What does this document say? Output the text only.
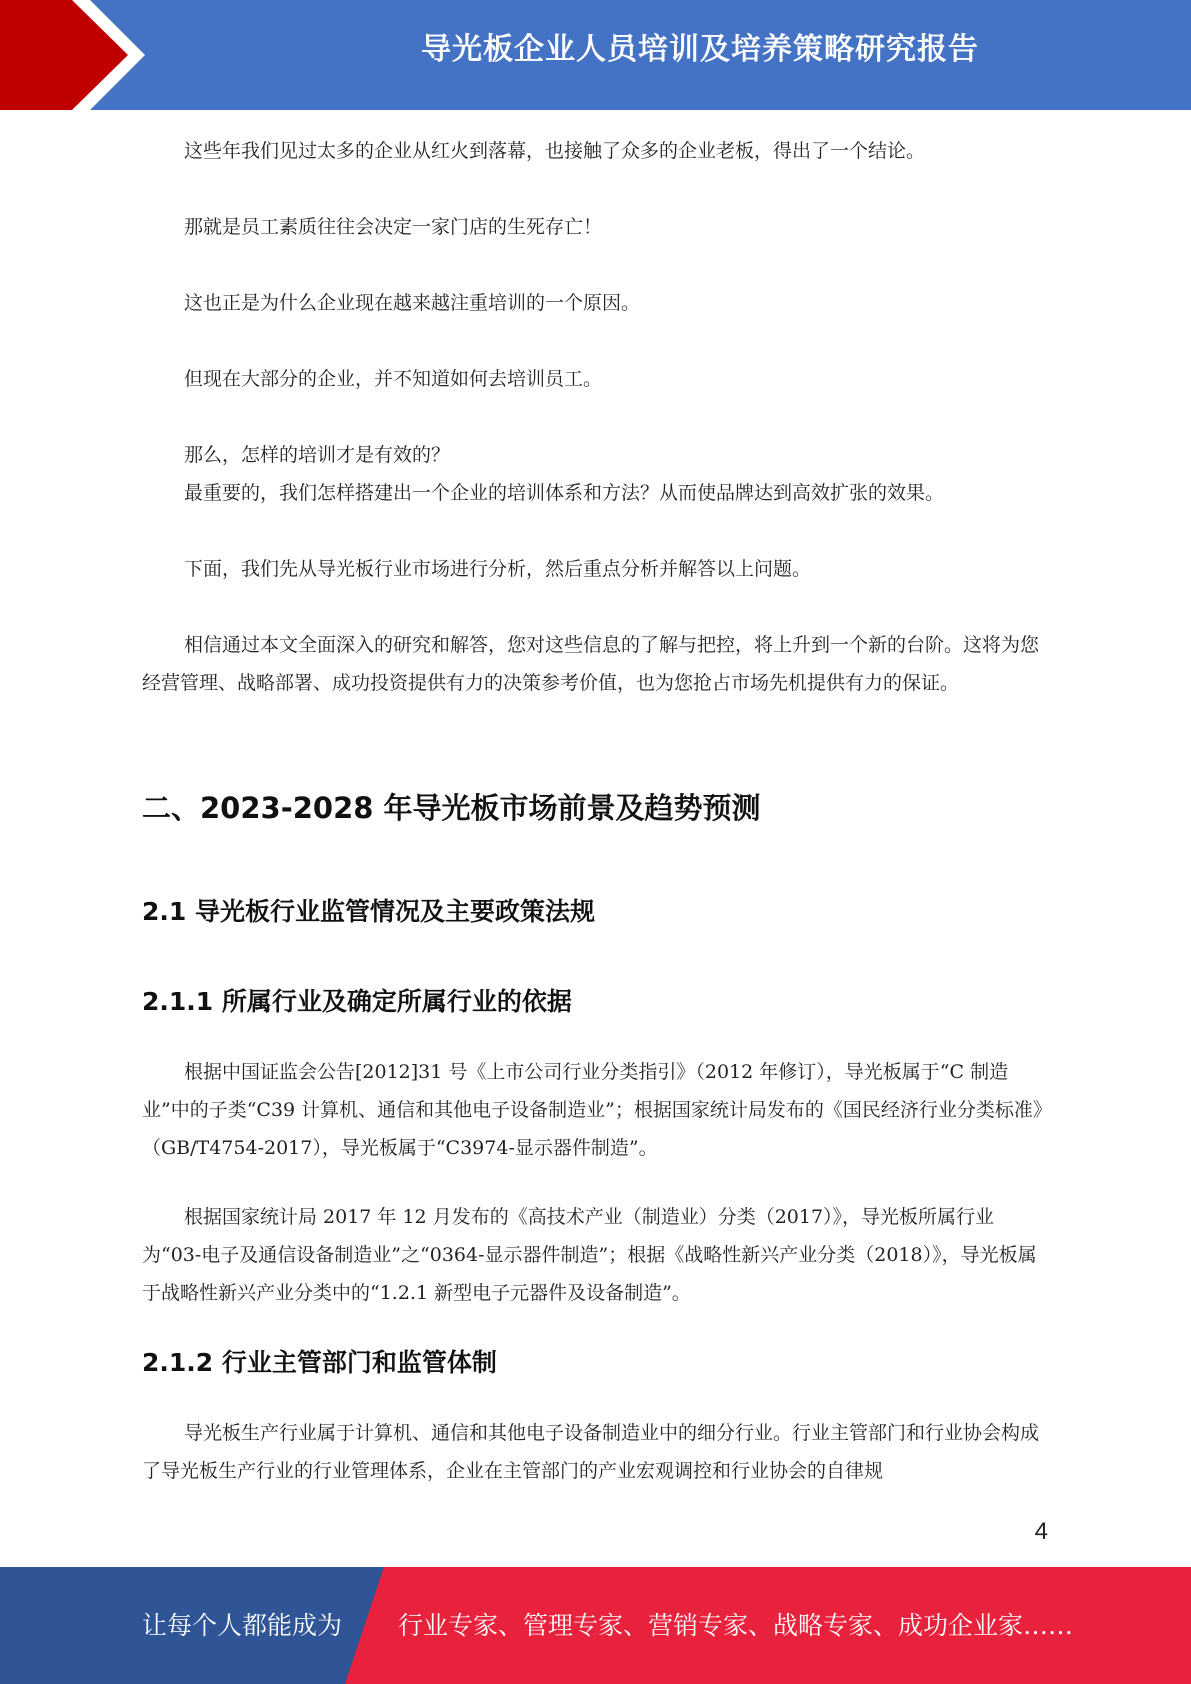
导光板企业人员培训及培养策略研究报告

这些年我们见过太多的企业从红火到落幕，也接触了众多的企业老板，得出了一个结论。

那就是员工素质往往会决定一家门店的生死存亡！

这也正是为什么企业现在越来越注重培训的一个原因。

但现在大部分的企业，并不知道如何去培训员工。

那么，怎样的培训才是有效的？

最重要的，我们怎样搭建出一个企业的培训体系和方法？从而使品牌达到高效扩张的效果。

下面，我们先从导光板行业市场进行分析，然后重点分析并解答以上问题。

相信通过本文全面深入的研究和解答，您对这些信息的了解与把控，将上升到一个新的台阶。这将为您经营管理、战略部署、成功投资提供有力的决策参考价值，也为您抢占市场先机提供有力的保证。

二、2023-2028 年导光板市场前景及趋势预测
2.1 导光板行业监管情况及主要政策法规
2.1.1 所属行业及确定所属行业的依据

根据中国证监会公告[2012]31 号《上市公司行业分类指引》（2012 年修订），导光板属于“C 制造业”中的子类“C39 计算机、通信和其他电子设备制造业”；根据国家统计局发布的《国民经济行业分类标准》（GB/T4754-2017），导光板属于“C3974-显示器件制造”。

根据国家统计局 2017 年 12 月发布的《高技术产业（制造业）分类（2017）》，导光板所属行业为“03-电子及通信设备制造业”之“0364-显示器件制造”；根据《战略性新兴产业分类（2018）》，导光板属于战略性新兴产业分类中的“1.2.1 新型电子元器件及设备制造”。

2.1.2 行业主管部门和监管体制

导光板生产行业属于计算机、通信和其他电子设备制造业中的细分行业。行业主管部门和行业协会构成了导光板生产行业的行业管理体系，企业在主管部门的产业宏观调控和行业协会的自律规

4
让每个人都能成为 行业专家、管理专家、营销专家、战略专家、成功企业家……
